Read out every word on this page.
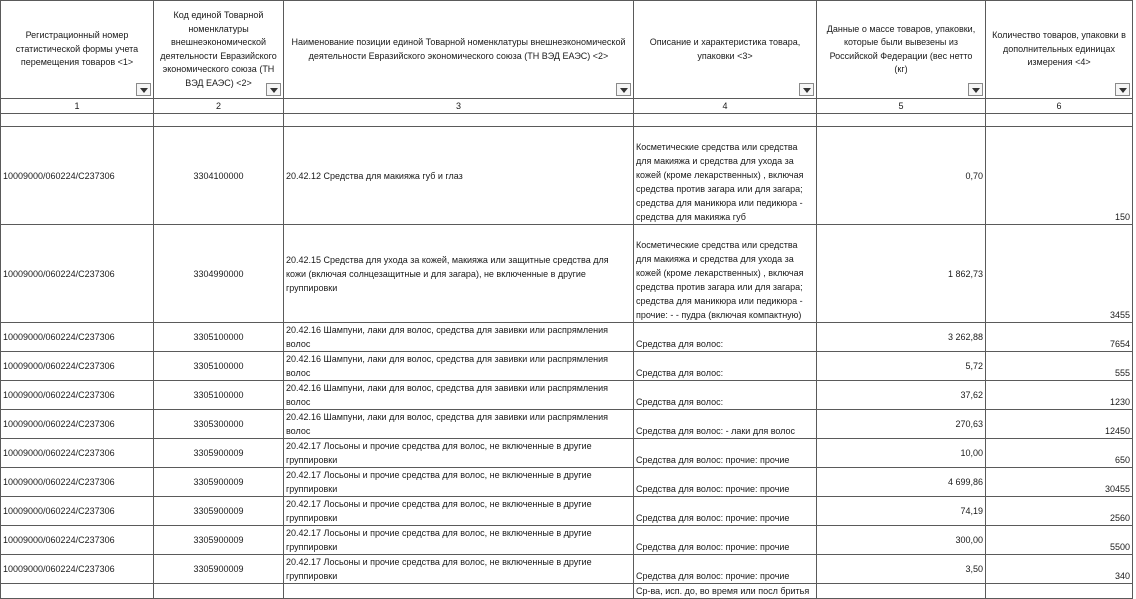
Регистрационный номер статистической формы учета перемещения товаров <1>	Код единой Товарной номенклатуры внешнеэкономической деятельности Евразийского экономического союза (ТН ВЭД ЕАЭС) <2>	Наименование позиции единой Товарной номенклатуры внешнеэкономической деятельности Евразийского экономического союза (ТН ВЭД ЕАЭС) <2>	Описание и характеристика товара, упаковки <3>	Данные о массе товаров, упаковки, которые были вывезены из Российской Федерации (вес нетто (кг)	Количество товаров, упаковки в дополнительных единицах измерения <4>

1	2	3	4	5	6

10009000/060224/C237306	3304100000	20.42.12 Средства для макияжа губ и глаз	Косметические средства или средства для макияжа и средства для ухода за кожей (кроме лекарственных) , включая средства против загара или для загара; средства для маникюра или педикюра - средства для макияжа губ	0,70	150
10009000/060224/C237306	3304990000	20.42.15 Средства для ухода за кожей, макияжа или защитные средства для кожи (включая солнцезащитные и для загара), не включенные в другие группировки	Косметические средства или средства для макияжа и средства для ухода за кожей (кроме лекарственных) , включая средства против загара или для загара; средства для маникюра или педикюра - прочие: - - пудра (включая компактную)	1 862,73	3455
10009000/060224/C237306	3305100000	20.42.16 Шампуни, лаки для волос, средства для завивки или распрямления волос	Средства для волос:	3 262,88	7654
10009000/060224/C237306	3305100000	20.42.16 Шампуни, лаки для волос, средства для завивки или распрямления волос	Средства для волос:	5,72	555
10009000/060224/C237306	3305100000	20.42.16 Шампуни, лаки для волос, средства для завивки или распрямления волос	Средства для волос:	37,62	1230
10009000/060224/C237306	3305300000	20.42.16 Шампуни, лаки для волос, средства для завивки или распрямления волос	Средства для волос: - лаки для волос	270,63	12450
10009000/060224/C237306	3305900009	20.42.17 Лосьоны и прочие средства для волос, не включенные в другие группировки	Средства для волос: прочие: прочие	10,00	650
10009000/060224/C237306	3305900009	20.42.17 Лосьоны и прочие средства для волос, не включенные в другие группировки	Средства для волос: прочие: прочие	4 699,86	30455
10009000/060224/C237306	3305900009	20.42.17 Лосьоны и прочие средства для волос, не включенные в другие группировки	Средства для волос: прочие: прочие	74,19	2560
10009000/060224/C237306	3305900009	20.42.17 Лосьоны и прочие средства для волос, не включенные в другие группировки	Средства для волос: прочие: прочие	300,00	5500
10009000/060224/C237306	3305900009	20.42.17 Лосьоны и прочие средства для волос, не включенные в другие группировки	Средства для волос: прочие: прочие	3,50	340
			Ср-ва, исп. до, во время или посл бритья		
